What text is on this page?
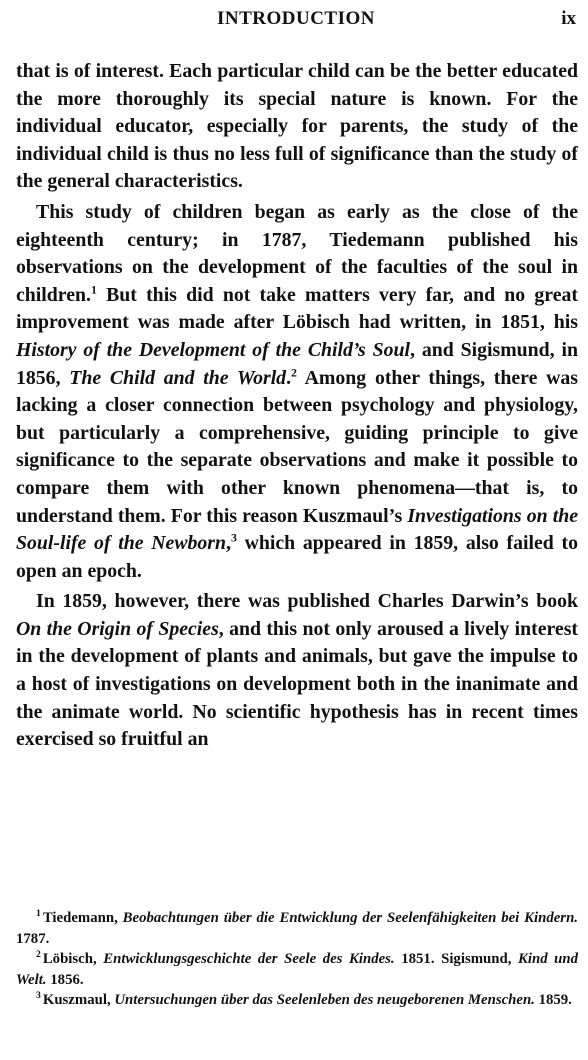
INTRODUCTION	ix

that is of interest. Each particular child can be the better educated the more thoroughly its special nature is known. For the individual educator, especially for parents, the study of the individual child is thus no less full of significance than the study of the general characteristics.

This study of children began as early as the close of the eighteenth century; in 1787, Tiedemann published his observations on the development of the faculties of the soul in children.$^1$ But this did not take matters very far, and no great improvement was made after Löbisch had written, in 1851, his History of the Development of the Child’s Soul, and Sigismund, in 1856, The Child and the World.$^2$ Among other things, there was lacking a closer connection between psychology and physiology, but particularly a comprehensive, guiding principle to give significance to the separate observations and make it possible to compare them with other known phenomena—that is, to understand them. For this reason Kuszmaul’s Investigations on the Soul-life of the Newborn,$^3$ which appeared in 1859, also failed to open an epoch.

In 1859, however, there was published Charles Darwin’s book On the Origin of Species, and this not only aroused a lively interest in the development of plants and animals, but gave the impulse to a host of investigations on development both in the inanimate and the animate world. No scientific hypothesis has in recent times exercised so fruitful an

$^1$ Tiedemann, Beobachtungen über die Entwicklung der Seelenfähigkeiten bei Kindern. 1787.

$^2$ Löbisch, Entwicklungsgeschichte der Seele des Kindes. 1851. Sigismund, Kind und Welt. 1856.

$^3$ Kuszmaul, Untersuchungen über das Seelenleben des neugeborenen Menschen. 1859.
